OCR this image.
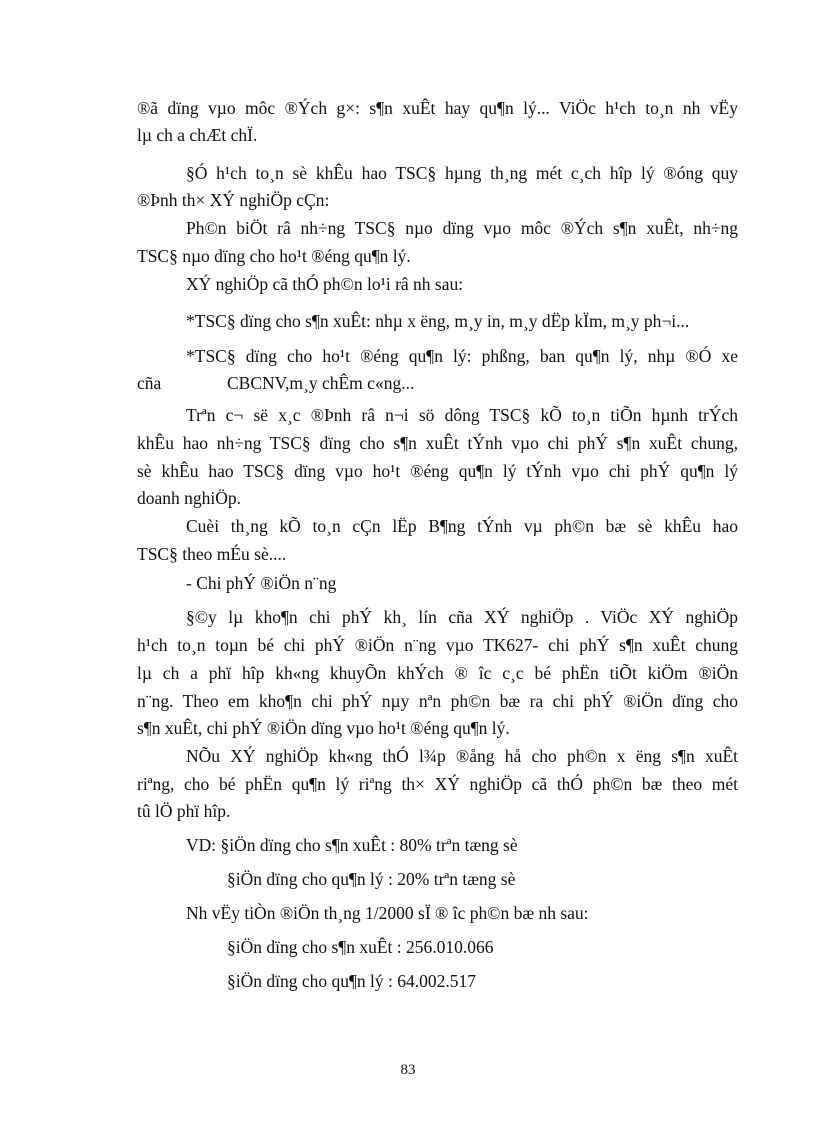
®ã dïng vµo môc ®Ých g×: s¶n xuÊt hay qu¶n lý... ViÖc h¹ch to¸n nh vËy
lµ ch a chÆt chÏ.
§Ó h¹ch to¸n sè khÊu hao TSC§ hµng th¸ng mét c¸ch hîp lý ®óng quy
®Þnh th× XÝ nghiÖp cÇn:
Ph©n biÖt râ nh÷ng TSC§ nµo dïng vµo môc ®Ých s¶n xuÊt, nh÷ng
TSC§ nµo dïng cho ho¹t ®éng qu¶n lý.
XÝ nghiÖp cã thÓ ph©n lo¹i râ nh sau:
*TSC§ dïng cho s¶n xuÊt: nhµ x ëng, m¸y in, m¸y dËp kÏm, m¸y ph¬i...
*TSC§ dïng cho ho¹t ®éng qu¶n lý: phßng, ban qu¶n lý, nhµ ®Ó xe
cña	CBCNV,m¸y chÊm c«ng...
Trªn c¬ së x¸c ®Þnh râ n¬i sö dông TSC§ kÕ to¸n tiÕn hµnh trÝch
khÊu hao nh÷ng TSC§ dïng cho s¶n xuÊt tÝnh vµo chi phÝ s¶n xuÊt chung,
sè khÊu hao TSC§ dïng vµo ho¹t ®éng qu¶n lý tÝnh vµo chi phÝ qu¶n lý
doanh nghiÖp.
Cuèi th¸ng kÕ to¸n cÇn lËp B¶ng tÝnh vµ ph©n bæ sè khÊu hao
TSC§ theo mÉu sè....
- Chi phÝ ®iÖn n¨ng
§©y lµ kho¶n chi phÝ kh¸ lín cña XÝ nghiÖp . ViÖc XÝ nghiÖp
h¹ch to¸n toµn bé chi phÝ ®iÖn n¨ng vµo TK627- chi phÝ s¶n xuÊt chung
lµ ch a phï hîp kh«ng khuyÕn khÝch ® îc c¸c bé phËn tiÕt kiÖm ®iÖn
n¨ng. Theo em kho¶n chi phÝ nµy nªn ph©n bæ ra chi phÝ ®iÖn dïng cho
s¶n xuÊt, chi phÝ ®iÖn dïng vµo ho¹t ®éng qu¶n lý.
NÕu XÝ nghiÖp kh«ng thÓ l¾p ®ång hå cho ph©n x ëng s¶n xuÊt
riªng, cho bé phËn qu¶n lý riªng th× XÝ nghiÖp cã thÓ ph©n bæ theo mét
tû lÖ phï hîp.
VD: §iÖn dïng cho s¶n xuÊt : 80% trªn tæng sè
§iÖn dïng cho qu¶n lý : 20% trªn tæng sè
Nh vËy tiÒn ®iÖn th¸ng 1/2000 sÏ ® îc ph©n bæ nh sau:
§iÖn dïng cho s¶n xuÊt : 256.010.066
§iÖn dïng cho qu¶n lý : 64.002.517
83
